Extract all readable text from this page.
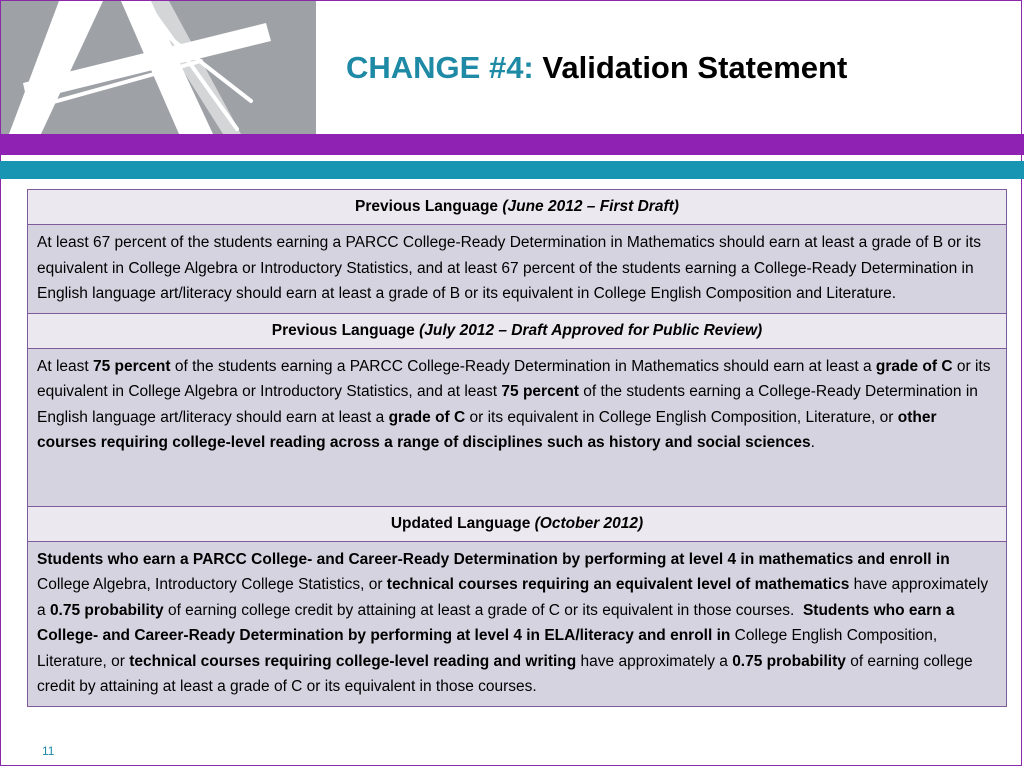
CHANGE #4: Validation Statement
Previous Language (June 2012 – First Draft)
At least 67 percent of the students earning a PARCC College-Ready Determination in Mathematics should earn at least a grade of B or its equivalent in College Algebra or Introductory Statistics, and at least 67 percent of the students earning a College-Ready Determination in English language art/literacy should earn at least a grade of B or its equivalent in College English Composition and Literature.
Previous Language (July 2012 – Draft Approved for Public Review)
At least 75 percent of the students earning a PARCC College-Ready Determination in Mathematics should earn at least a grade of C or its equivalent in College Algebra or Introductory Statistics, and at least 75 percent of the students earning a College-Ready Determination in English language art/literacy should earn at least a grade of C or its equivalent in College English Composition, Literature, or other courses requiring college-level reading across a range of disciplines such as history and social sciences.
Updated Language (October 2012)
Students who earn a PARCC College- and Career-Ready Determination by performing at level 4 in mathematics and enroll in College Algebra, Introductory College Statistics, or technical courses requiring an equivalent level of mathematics have approximately a 0.75 probability of earning college credit by attaining at least a grade of C or its equivalent in those courses.  Students who earn a College- and Career-Ready Determination by performing at level 4 in ELA/literacy and enroll in College English Composition, Literature, or technical courses requiring college-level reading and writing have approximately a 0.75 probability of earning college credit by attaining at least a grade of C or its equivalent in those courses.
11
